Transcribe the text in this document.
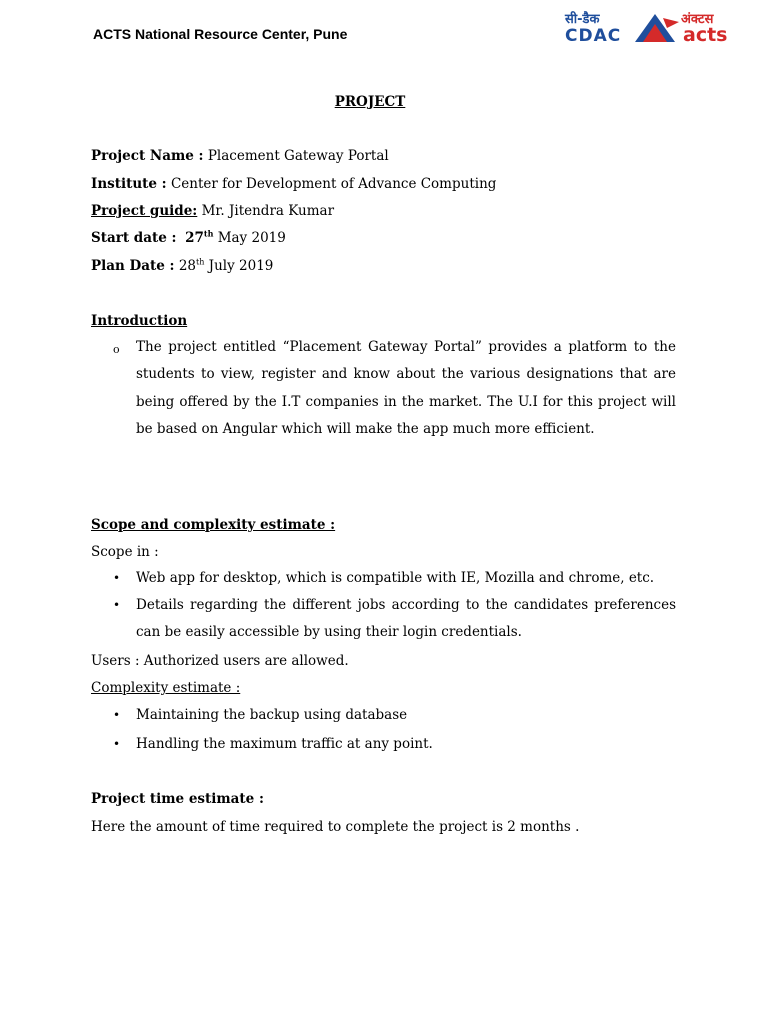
ACTS National Resource Center, Pune
सी-डैक
CDAC
अंक्टस
acts
PROJECT
Project Name : Placement Gateway Portal
Institute : Center for Development of Advance Computing
Project guide: Mr. Jitendra Kumar
Start date : 27th May 2019
Plan Date : 28th July 2019
Introduction
o The project entitled “Placement Gateway Portal” provides a platform to the students to view, register and know about the various designations that are being offered by the I.T companies in the market. The U.I for this project will be based on Angular which will make the app much more efficient.
Scope and complexity estimate :
Scope in :
• Web app for desktop, which is compatible with IE, Mozilla and chrome, etc.
• Details regarding the different jobs according to the candidates preferences can be easily accessible by using their login credentials.
Users : Authorized users are allowed.
Complexity estimate :
• Maintaining the backup using database
• Handling the maximum traffic at any point.
Project time estimate :
Here the amount of time required to complete the project is 2 months .
